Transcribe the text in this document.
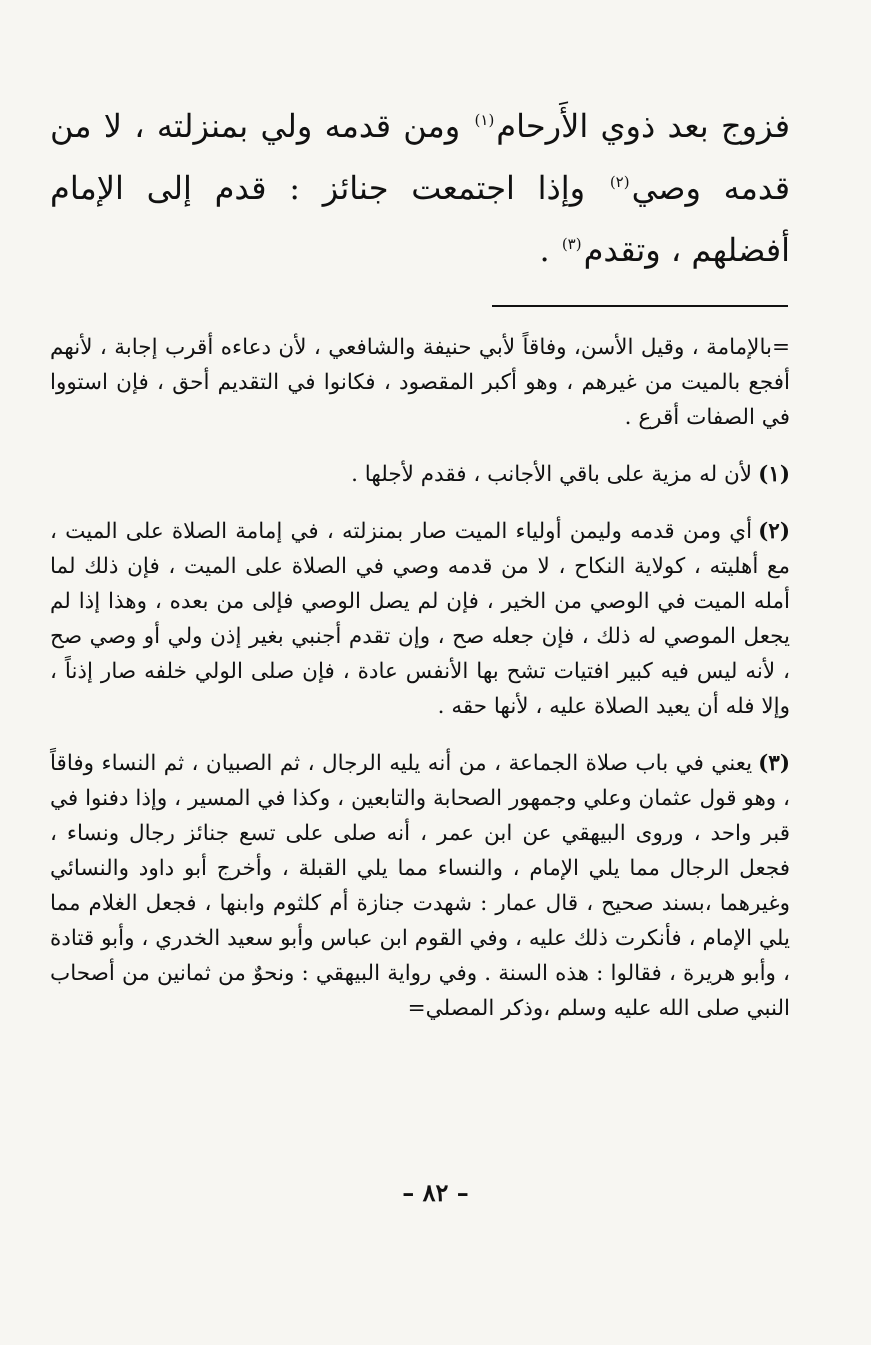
فزوج بعد ذوي الأَرحام$^{(١)}$ ومن قدمه ولي بمنزلته ، لا من قدمه وصي$^{(٢)}$ وإذا اجتمعت جنائز : قدم إلى الإمام أفضلهم ، وتقدم$^{(٣)}$ .

=بالإمامة ، وقيل الأسن، وفاقاً لأبي حنيفة والشافعي ، لأن دعاءه أقرب إجابة ، لأنهم أفجع بالميت من غيرهم ، وهو أكبر المقصود ، فكانوا في التقديم أحق ، فإن استووا في الصفات أقرع .

(١)لأن له مزية على باقي الأجانب ، فقدم لأجلها .

(٢)أي ومن قدمه وليمن أولياء الميت صار بمنزلته ، في إمامة الصلاة على الميت ، مع أهليته ، كولاية النكاح ، لا من قدمه وصي في الصلاة على الميت ، فإن ذلك لما أمله الميت في الوصي من الخير ، فإن لم يصل الوصي فإلى من بعده ، وهذا إذا لم يجعل الموصي له ذلك ، فإن جعله صح ، وإن تقدم أجنبي بغير إذن ولي أو وصي صح ، لأنه ليس فيه كبير افتيات تشح بها الأنفس عادة ، فإن صلى الولي خلفه صار إذناً ، وإلا فله أن يعيد الصلاة عليه ، لأنها حقه .

(٣)يعني في باب صلاة الجماعة ، من أنه يليه الرجال ، ثم الصبيان ، ثم النساء وفاقاً ، وهو قول عثمان وعلي وجمهور الصحابة والتابعين ، وكذا في المسير ، وإذا دفنوا في قبر واحد ، وروى البيهقي عن ابن عمر ، أنه صلى على تسع جنائز رجال ونساء ، فجعل الرجال مما يلي الإمام ، والنساء مما يلي القبلة ، وأخرج أبو داود والنسائي وغيرهما ،بسند صحيح ، قال عمار : شهدت جنازة أم كلثوم وابنها ، فجعل الغلام مما يلي الإمام ، فأنكرت ذلك عليه ، وفي القوم ابن عباس وأبو سعيد الخدري ، وأبو قتادة ، وأبو هريرة ، فقالوا : هذه السنة . وفي رواية البيهقي : ونحوٌ من ثمانين من أصحاب النبي صلى الله عليه وسلم ،وذكر المصلي=

– ٨٢ –
